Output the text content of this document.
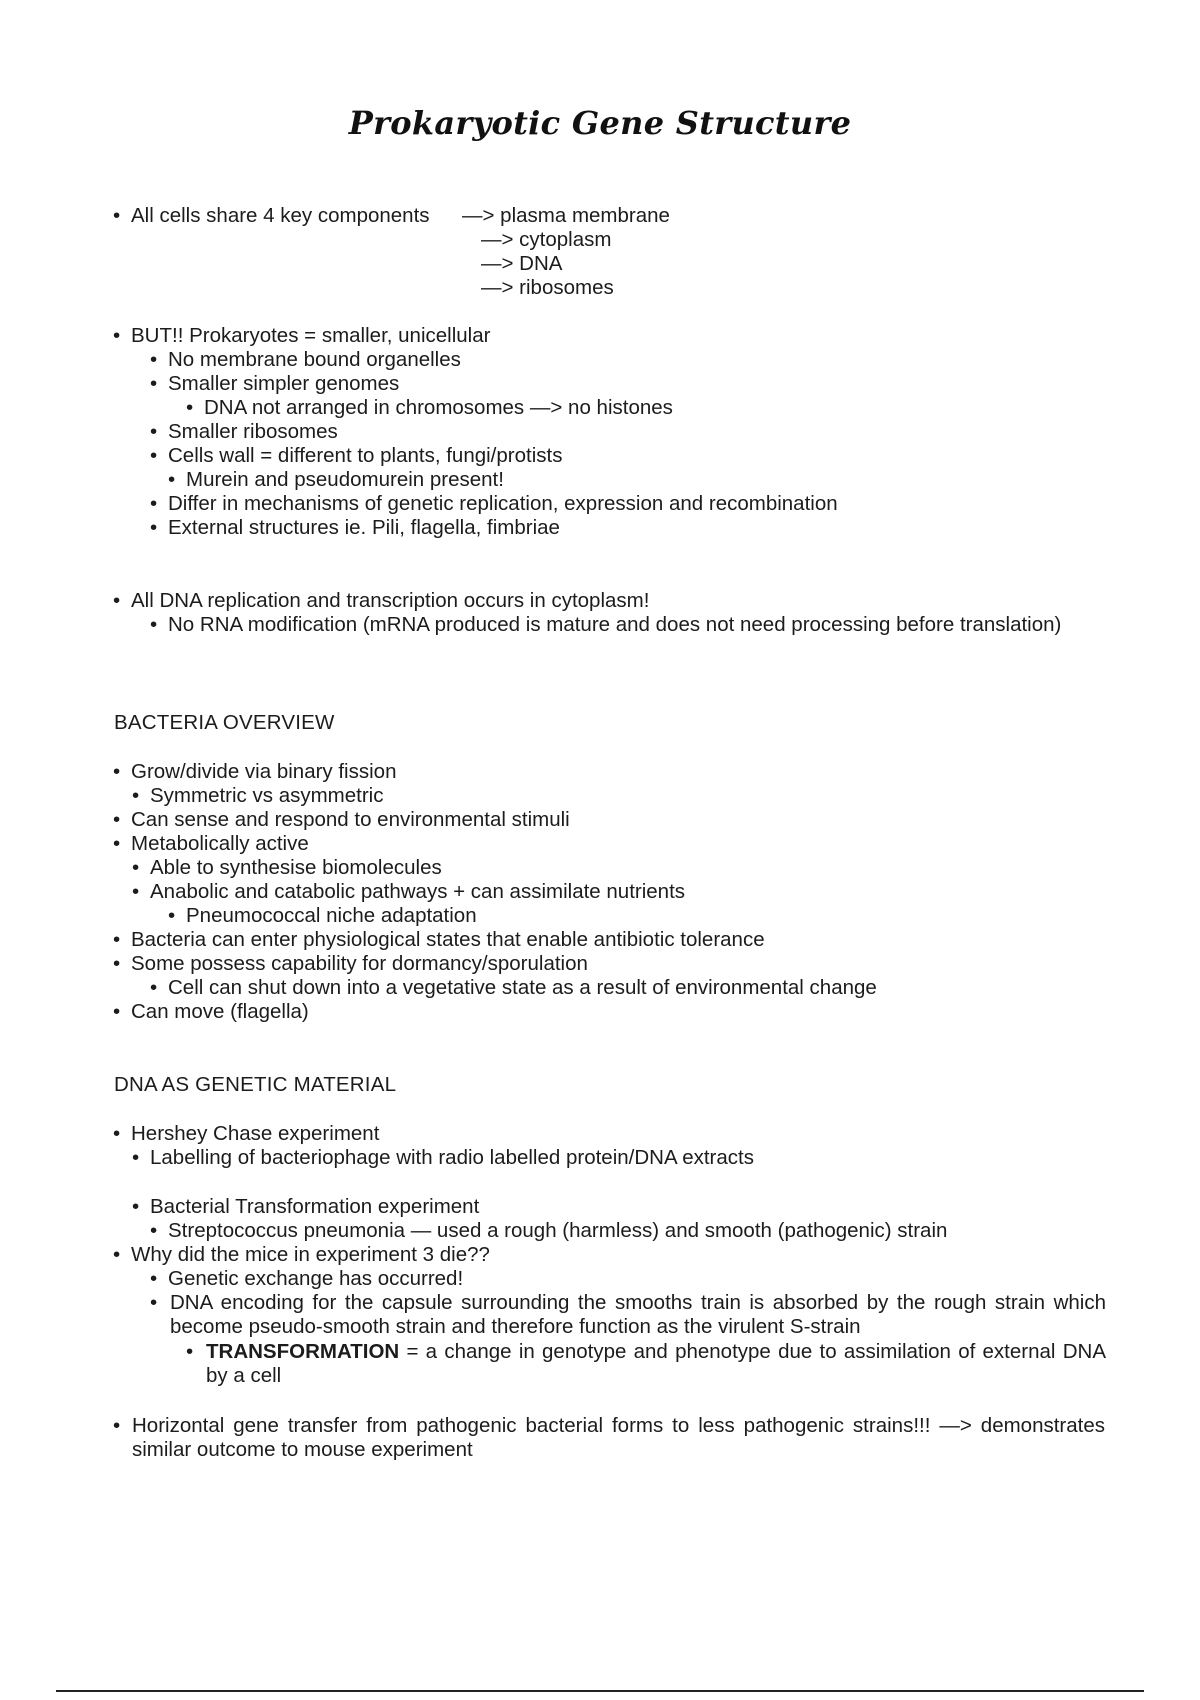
Prokaryotic Gene Structure
• All cells share 4 key components —> plasma membrane
—> cytoplasm
—> DNA
—> ribosomes
• BUT!! Prokaryotes = smaller, unicellular
• No membrane bound organelles
• Smaller simpler genomes
• DNA not arranged in chromosomes —> no histones
• Smaller ribosomes
• Cells wall = different to plants, fungi/protists
• Murein and pseudomurein present!
• Differ in mechanisms of genetic replication, expression and recombination
• External structures ie. Pili, flagella, fimbriae
• All DNA replication and transcription occurs in cytoplasm!
• No RNA modification (mRNA produced is mature and does not need processing before translation)
BACTERIA OVERVIEW
• Grow/divide via binary fission
• Symmetric vs asymmetric
• Can sense and respond to environmental stimuli
• Metabolically active
• Able to synthesise biomolecules
• Anabolic and catabolic pathways + can assimilate nutrients
• Pneumococcal niche adaptation
• Bacteria can enter physiological states that enable antibiotic tolerance
• Some possess capability for dormancy/sporulation
• Cell can shut down into a vegetative state as a result of environmental change
• Can move (flagella)
DNA AS GENETIC MATERIAL
• Hershey Chase experiment
• Labelling of bacteriophage with radio labelled protein/DNA extracts
• Bacterial Transformation experiment
• Streptococcus pneumonia — used a rough (harmless) and smooth (pathogenic) strain
• Why did the mice in experiment 3 die??
• Genetic exchange has occurred!
• DNA encoding for the capsule surrounding the smooths train is absorbed by the rough strain which become pseudo-smooth strain and therefore function as the virulent S-strain
• TRANSFORMATION = a change in genotype and phenotype due to assimilation of external DNA by a cell
• Horizontal gene transfer from pathogenic bacterial forms to less pathogenic strains!!! —> demonstrates similar outcome to mouse experiment
